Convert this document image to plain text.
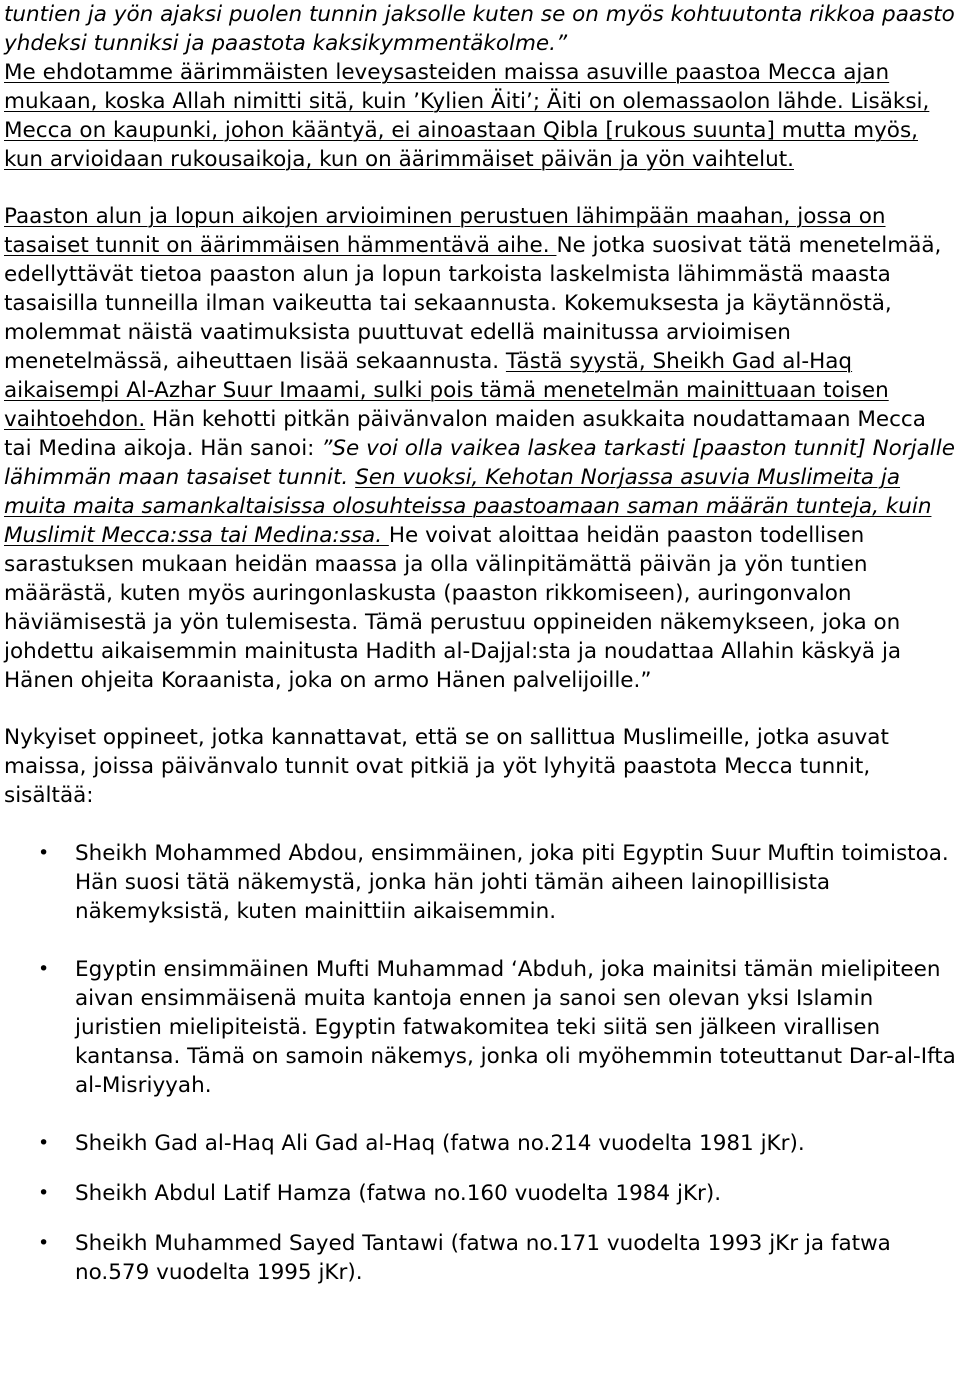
tuntien ja yön ajaksi puolen tunnin jaksolle kuten se on myös kohtuutonta rikkoa paasto yhdeksi tunniksi ja paastota kaksikymmentäkolme.”
Me ehdotamme äärimmäisten leveysasteiden maissa asuville paastoa Mecca ajan mukaan, koska Allah nimitti sitä, kuin ’Kylien Äiti’; Äiti on olemassaolon lähde. Lisäksi, Mecca on kaupunki, johon kääntyä, ei ainoastaan Qibla [rukous suunta] mutta myös, kun arvioidaan rukousaikoja, kun on äärimmäiset päivän ja yön vaihtelut.

Paaston alun ja lopun aikojen arvioiminen perustuen lähimpään maahan, jossa on tasaiset tunnit on äärimmäisen hämmentävä aihe. Ne jotka suosivat tätä menetelmää, edellyttävät tietoa paaston alun ja lopun tarkoista laskelmista lähimmästä maasta tasaisilla tunneilla ilman vaikeutta tai sekaannusta. Kokemuksesta ja käytännöstä, molemmat näistä vaatimuksista puuttuvat edellä mainitussa arvioimisen menetelmässä, aiheuttaen lisää sekaannusta. Tästä syystä, Sheikh Gad al-Haq aikaisempi Al-Azhar Suur Imaami, sulki pois tämä menetelmän mainittuaan toisen vaihtoehdon. Hän kehotti pitkän päivänvalon maiden asukkaita noudattamaan Mecca tai Medina aikoja. Hän sanoi: ”Se voi olla vaikea laskea tarkasti [paaston tunnit] Norjalle lähimmän maan tasaiset tunnit. Sen vuoksi, Kehotan Norjassa asuvia Muslimeita ja muita maita samankaltaisissa olosuhteissa paastoamaan saman määrän tunteja, kuin Muslimit Mecca:ssa tai Medina:ssa. He voivat aloittaa heidän paaston todellisen sarastuksen mukaan heidän maassa ja olla välinpitämättä päivän ja yön tuntien määrästä, kuten myös auringonlaskusta (paaston rikkomiseen), auringonvalon häviämisestä ja yön tulemisesta. Tämä perustuu oppineiden näkemykseen, joka on johdettu aikaisemmin mainitusta Hadith al-Dajjal:sta ja noudattaa Allahin käskyä ja Hänen ohjeita Koraanista, joka on armo Hänen palvelijoille.”

Nykyiset oppineet, jotka kannattavat, että se on sallittua Muslimeille, jotka asuvat maissa, joissa päivänvalo tunnit ovat pitkiä ja yöt lyhyitä paastota Mecca tunnit, sisältää:

• Sheikh Mohammed Abdou, ensimmäinen, joka piti Egyptin Suur Muftin toimistoa. Hän suosi tätä näkemystä, jonka hän johti tämän aiheen lainopillisista näkemyksistä, kuten mainittiin aikaisemmin.
• Egyptin ensimmäinen Mufti Muhammad ‘Abduh, joka mainitsi tämän mielipiteen aivan ensimmäisenä muita kantoja ennen ja sanoi sen olevan yksi Islamin juristien mielipiteistä. Egyptin fatwakomitea teki siitä sen jälkeen virallisen kantansa. Tämä on samoin näkemys, jonka oli myöhemmin toteuttanut Dar-al-Ifta al-Misriyyah.
• Sheikh Gad al-Haq Ali Gad al-Haq (fatwa no.214 vuodelta 1981 jKr).
• Sheikh Abdul Latif Hamza (fatwa no.160 vuodelta 1984 jKr).
• Sheikh Muhammed Sayed Tantawi (fatwa no.171 vuodelta 1993 jKr ja fatwa no.579 vuodelta 1995 jKr).
